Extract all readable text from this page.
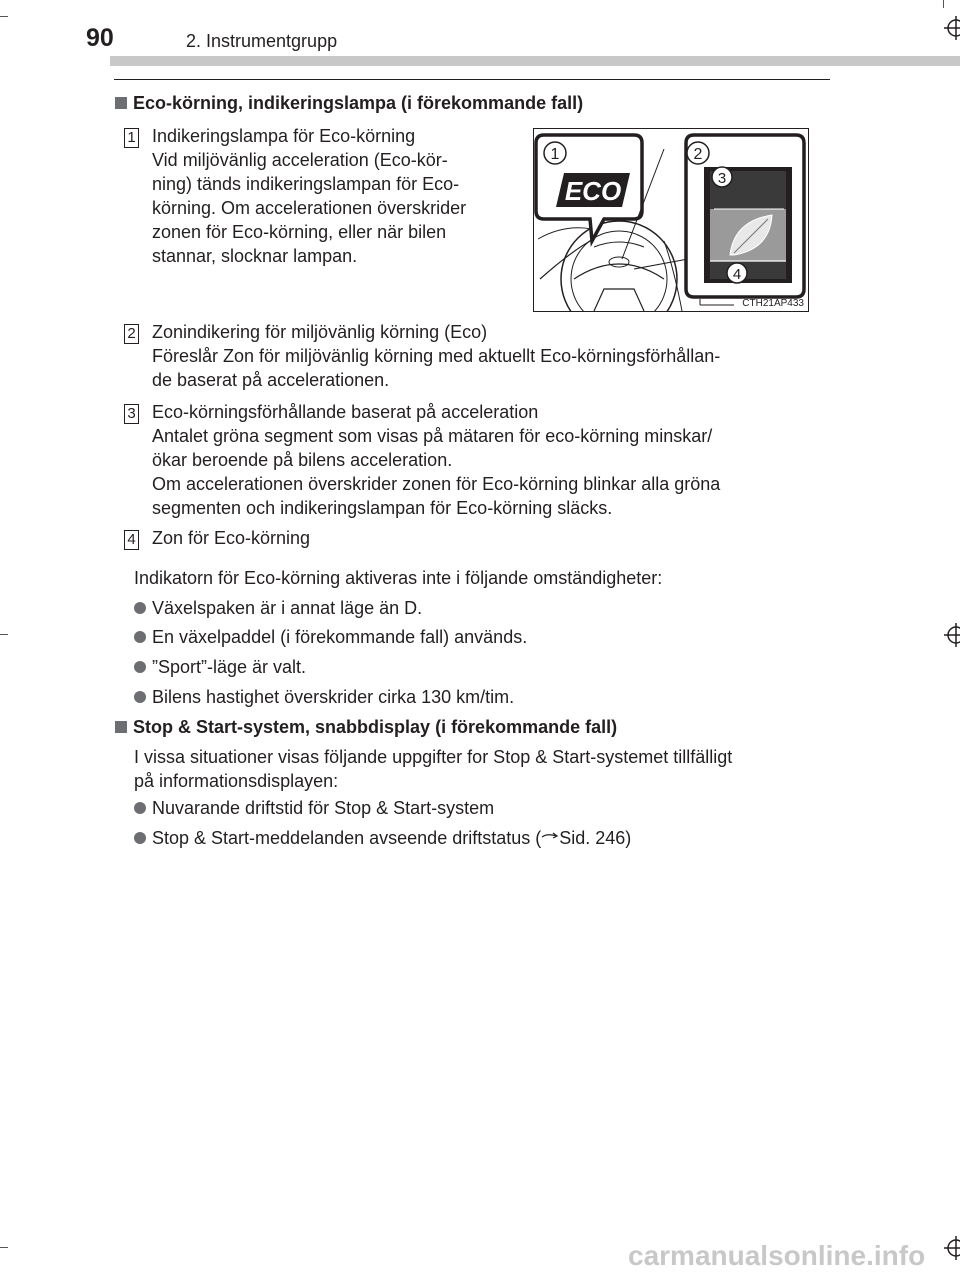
90	2. Instrumentgrupp
Eco-körning, indikeringslampa (i förekommande fall)
1 Indikeringslampa för Eco-körning
Vid miljövänlig acceleration (Eco-kör-
ning) tänds indikeringslampan för Eco-
körning. Om accelerationen överskrider
zonen för Eco-körning, eller när bilen
stannar, slocknar lampan.
ECO
1	2
3
4
CTH21AP433
2 Zonindikering för miljövänlig körning (Eco)
Föreslår Zon för miljövänlig körning med aktuellt Eco-körningsförhållan-
de baserat på accelerationen.
3 Eco-körningsförhållande baserat på acceleration
Antalet gröna segment som visas på mätaren för eco-körning minskar/
ökar beroende på bilens acceleration.
Om accelerationen överskrider zonen för Eco-körning blinkar alla gröna
segmenten och indikeringslampan för Eco-körning släcks.
4 Zon för Eco-körning
Indikatorn för Eco-körning aktiveras inte i följande omständigheter:
Växelspaken är i annat läge än D.
En växelpaddel (i förekommande fall) används.
”Sport”-läge är valt.
Bilens hastighet överskrider cirka 130 km/tim.
Stop & Start-system, snabbdisplay (i förekommande fall)
I vissa situationer visas följande uppgifter for Stop & Start-systemet tillfälligt
på informationsdisplayen:
Nuvarande driftstid för Stop & Start-system
Stop & Start-meddelanden avseende driftstatus ( Sid. 246)
carmanualsonline.info
